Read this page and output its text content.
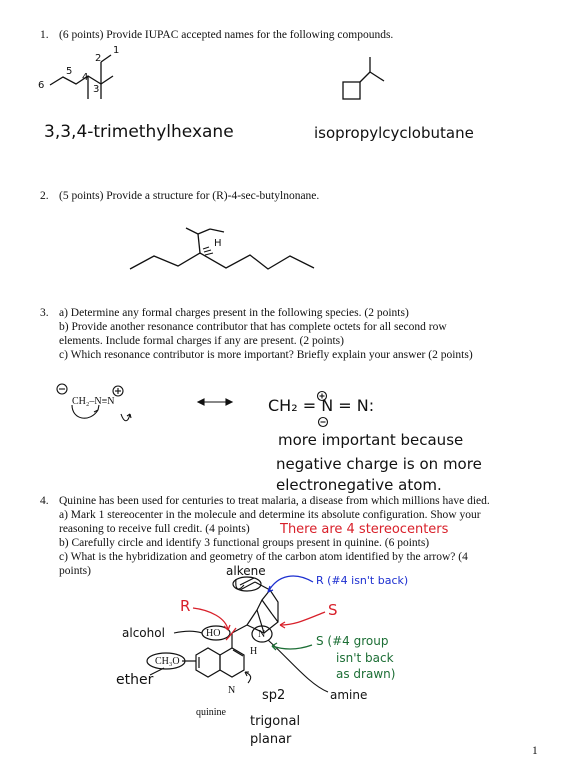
1. (6 points) Provide IUPAC accepted names for the following compounds.
1
2
3
4
5
6
3,3,4-trimethylhexane	isopropylcyclobutane
2. (5 points) Provide a structure for (R)-4-sec-butylnonane.
H
3. a) Determine any formal charges present in the following species. (2 points)
b) Provide another resonance contributor that has complete octets for all second row
elements. Include formal charges if any are present. (2 points)
c) Which resonance contributor is more important? Briefly explain your answer (2 points)
CH₂–N≡N	CH₂ = N = N:
more important because
negative charge is on more
electronegative atom.
4. Quinine has been used for centuries to treat malaria, a disease from which millions have died.
a) Mark 1 stereocenter in the molecule and determine its absolute configuration. Show your
reasoning to receive full credit. (4 points)
b) Carefully circle and identify 3 functional groups present in quinine. (6 points)
c) What is the hybridization and geometry of the carbon atom identified by the arrow? (4
points)
There are 4 stereocenters
alkene
alcohol
ether
amine
R
R (#4 isn't back)
S
S (#4 group
isn't back
as drawn)
sp2
trigonal
planar
HO
CH₃O
N
N
H
quinine
1
